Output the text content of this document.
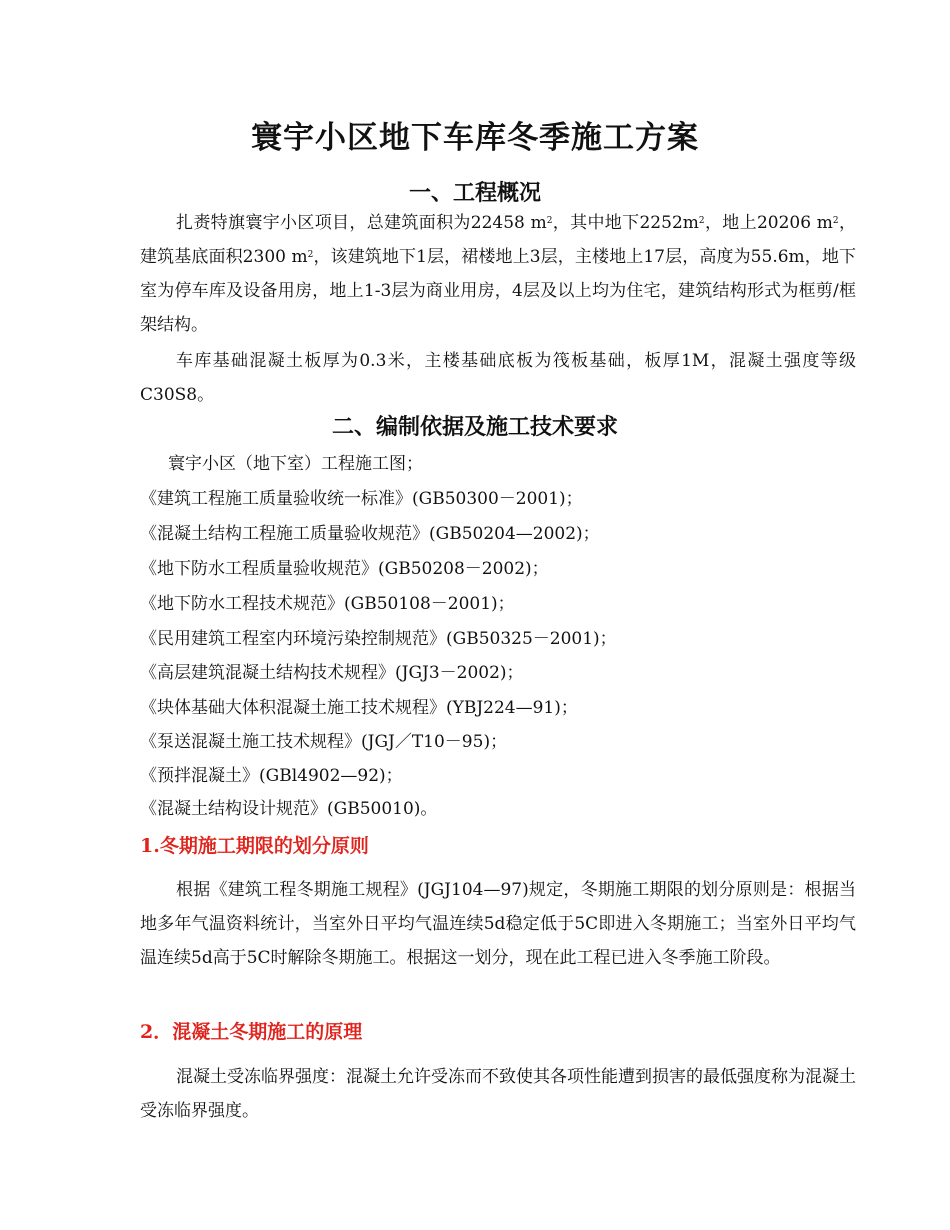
寰宇小区地下车库冬季施工方案
一、工程概况
扎赉特旗寰宇小区项目，总建筑面积为22458 $m^2$，其中地下$2252m^2$，地上20206 $m^2$，建筑基底面积2300 $m^2$，该建筑地下1层，裙楼地上3层，主楼地上17层，高度为55.6m，地下室为停车库及设备用房，地上1-3层为商业用房，4层及以上均为住宅，建筑结构形式为框剪/框架结构。
车库基础混凝土板厚为0.3米，主楼基础底板为筏板基础，板厚1M，混凝土强度等级C30S8。
二、编制依据及施工技术要求
寰宇小区（地下室）工程施工图；
《建筑工程施工质量验收统一标准》(GB50300－2001)；
《混凝土结构工程施工质量验收规范》(GB50204—2002)；
《地下防水工程质量验收规范》(GB50208－2002)；
《地下防水工程技术规范》(GB50108－2001)；
《民用建筑工程室内环境污染控制规范》(GB50325－2001)；
《高层建筑混凝土结构技术规程》(JGJ3－2002)；
《块体基础大体积混凝土施工技术规程》(YBJ224—91)；
《泵送混凝土施工技术规程》(JGJ／T10－95)；
《预拌混凝土》(GBl4902—92)；
《混凝土结构设计规范》(GB50010)。
1.冬期施工期限的划分原则
根据《建筑工程冬期施工规程》(JGJ104—97)规定，冬期施工期限的划分原则是：根据当地多年气温资料统计，当室外日平均气温连续5d稳定低于5C即进入冬期施工；当室外日平均气温连续5d高于5C时解除冬期施工。根据这一划分，现在此工程已进入冬季施工阶段。
2．混凝土冬期施工的原理
混凝土受冻临界强度：混凝土允许受冻而不致使其各项性能遭到损害的最低强度称为混凝土受冻临界强度。
